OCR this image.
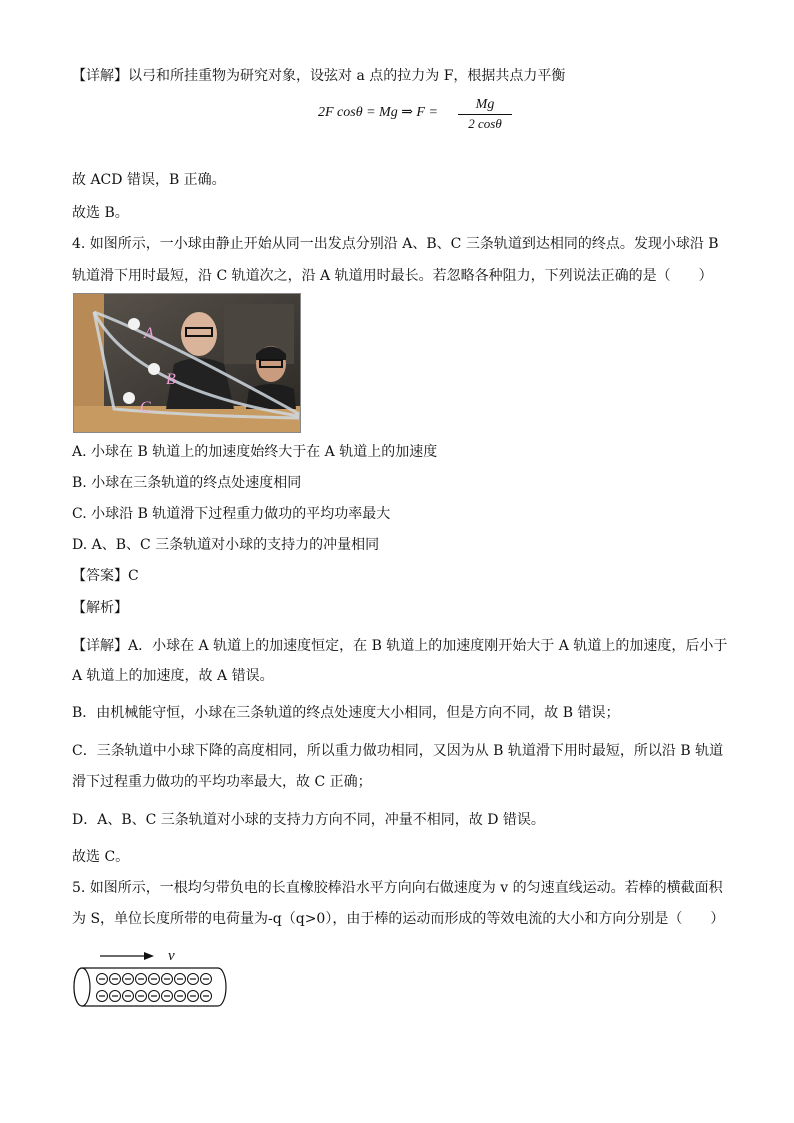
【详解】以弓和所挂重物为研究对象，设弦对 a 点的拉力为 F，根据共点力平衡
2F cosθ = Mg ⇒ $F = \frac{Mg}{2 \cos\theta}$
故 ACD 错误，B 正确。
故选 B。
4. 如图所示，一小球由静止开始从同一出发点分别沿 A、B、C 三条轨道到达相同的终点。发现小球沿 B
轨道滑下用时最短，沿 C 轨道次之，沿 A 轨道用时最长。若忽略各种阻力，下列说法正确的是（　　）
A
B
C
A. 小球在 B 轨道上的加速度始终大于在 A 轨道上的加速度
B. 小球在三条轨道的终点处速度相同
C. 小球沿 B 轨道滑下过程重力做功的平均功率最大
D. A、B、C 三条轨道对小球的支持力的冲量相同
【答案】C
【解析】
【详解】A．小球在 A 轨道上的加速度恒定，在 B 轨道上的加速度刚开始大于 A 轨道上的加速度，后小于
A 轨道上的加速度，故 A 错误。
B．由机械能守恒，小球在三条轨道的终点处速度大小相同，但是方向不同，故 B 错误；
C．三条轨道中小球下降的高度相同，所以重力做功相同，又因为从 B 轨道滑下用时最短，所以沿 B 轨道
滑下过程重力做功的平均功率最大，故 C 正确；
D．A、B、C 三条轨道对小球的支持力方向不同，冲量不相同，故 D 错误。
故选 C。
5. 如图所示，一根均匀带负电的长直橡胶棒沿水平方向向右做速度为 v 的匀速直线运动。若棒的横截面积
为 S，单位长度所带的电荷量为-q（q>0），由于棒的运动而形成的等效电流的大小和方向分别是（　　）
v
